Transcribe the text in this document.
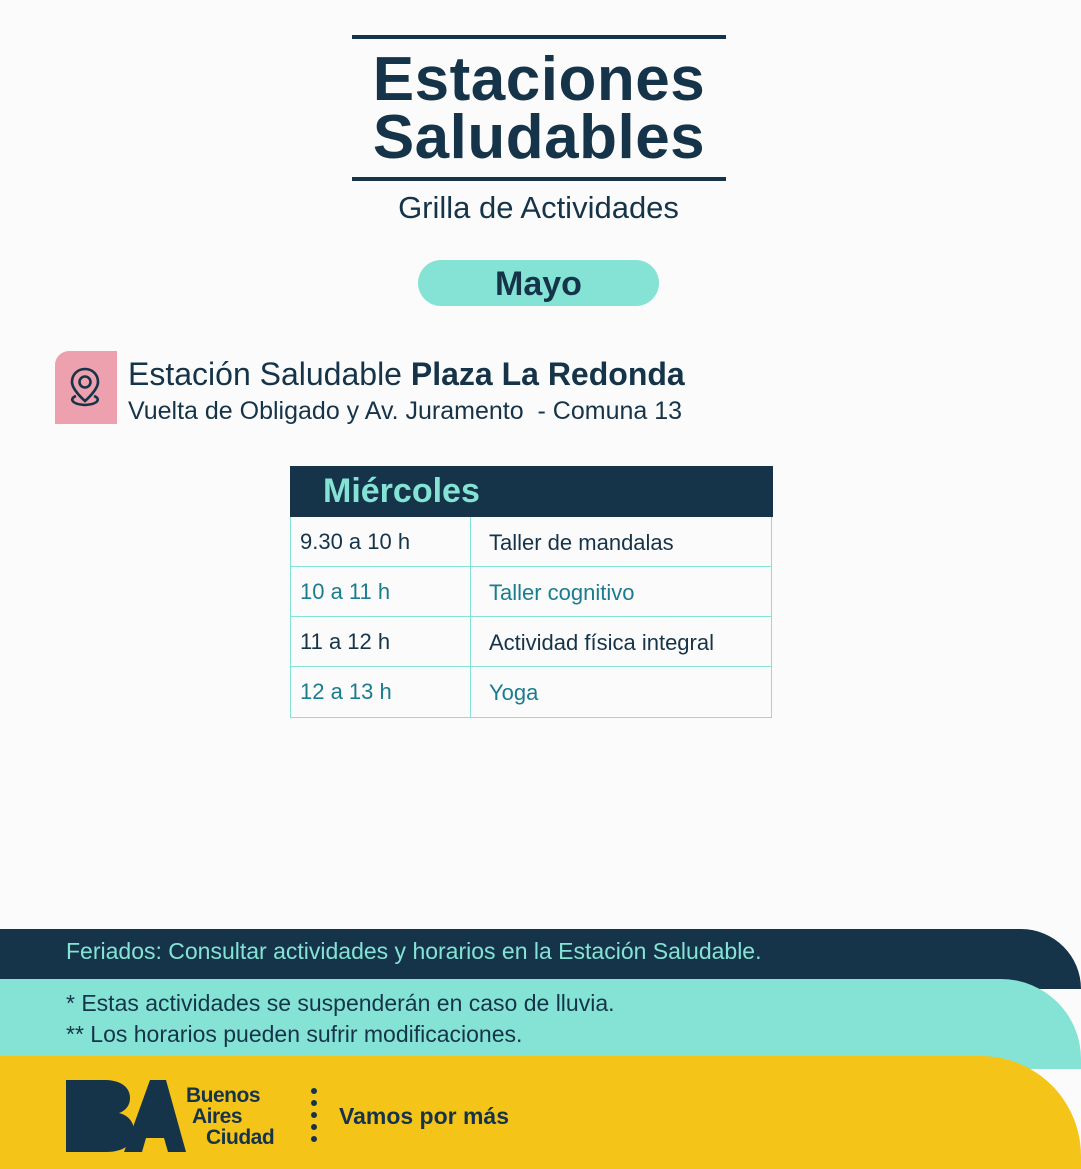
Estaciones
Saludables
Grilla de Actividades
Mayo
Estación Saludable Plaza La Redonda
Vuelta de Obligado y Av. Juramento  - Comuna 13
Miércoles
9.30 a 10 h	Taller de mandalas
10 a 11 h	Taller cognitivo
11 a 12 h	Actividad física integral
12 a 13 h	Yoga
Feriados: Consultar actividades y horarios en la Estación Saludable.
* Estas actividades se suspenderán en caso de lluvia.
** Los horarios pueden sufrir modificaciones.
Buenos
Aires
Ciudad
Vamos por más
